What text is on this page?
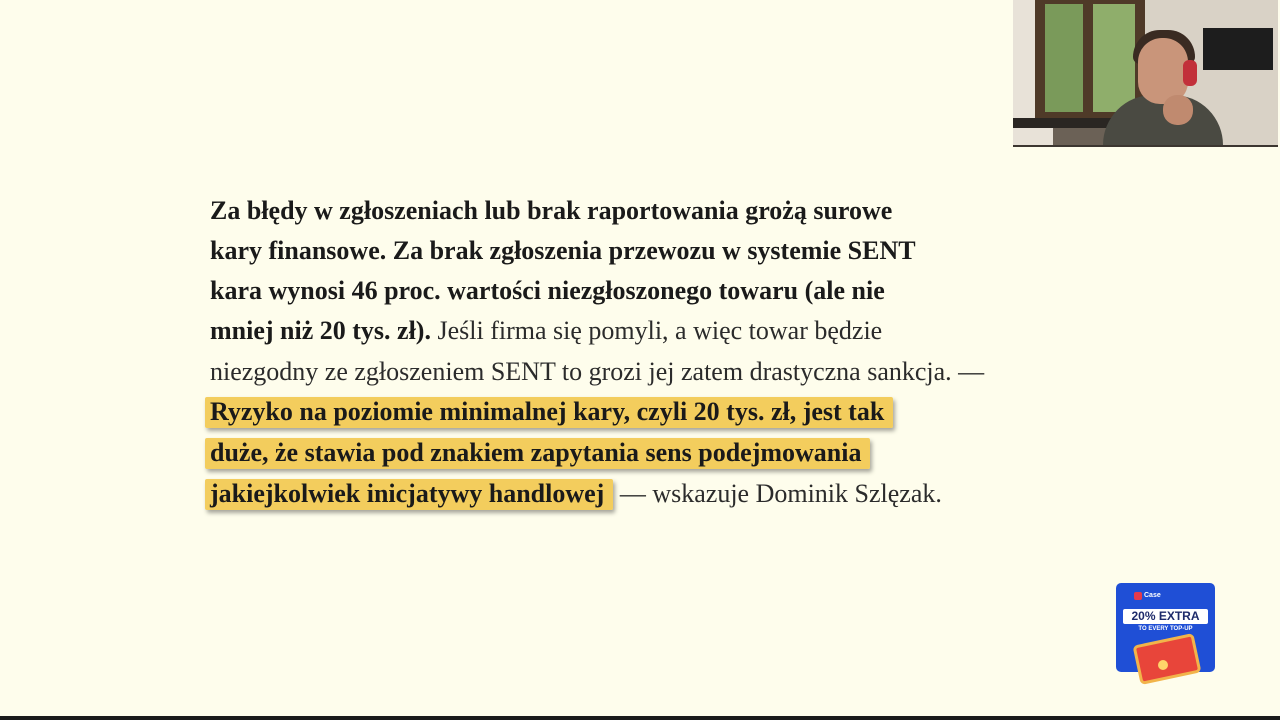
Za błędy w zgłoszeniach lub brak raportowania grożą surowe
kary finansowe. Za brak zgłoszenia przewozu w systemie SENT
kara wynosi 46 proc. wartości niezgłoszonego towaru (ale nie
mniej niż 20 tys. zł). Jeśli firma się pomyli, a więc towar będzie
niezgodny ze zgłoszeniem SENT to grozi jej zatem drastyczna sankcja. —
Ryzyko na poziomie minimalnej kary, czyli 20 tys. zł, jest tak
duże, że stawia pod znakiem zapytania sens podejmowania
jakiejkolwiek inicjatywy handlowej — wskazuje Dominik Szlęzak.
Case
20% EXTRA
TO EVERY TOP-UP
